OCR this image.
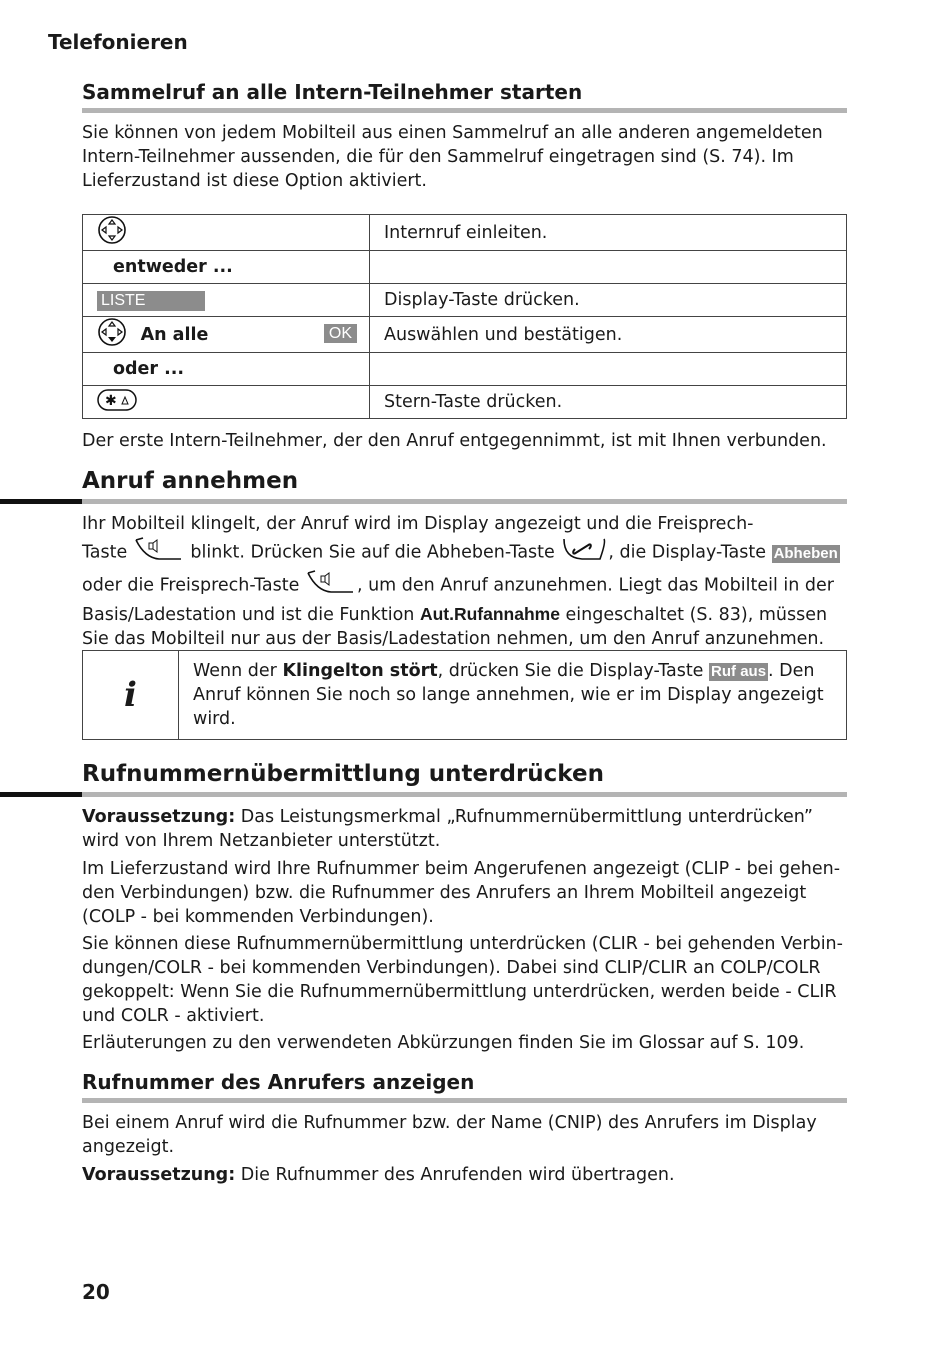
Telefonieren
Sammelruf an alle Intern-Teilnehmer starten
Sie können von jedem Mobilteil aus einen Sammelruf an alle anderen angemeldeten Intern-Teilnehmer aussenden, die für den Sammelruf eingetragen sind (S. 74). Im Lieferzustand ist diese Option aktiviert.
	Internruf einleiten.
entweder ...	
LISTE	Display-Taste drücken.
An alle OK	Auswählen und bestätigen.
oder ...	

✱	Stern-Taste drücken.
Der erste Intern-Teilnehmer, der den Anruf entgegennimmt, ist mit Ihnen verbunden.
Anruf annehmen
Ihr Mobilteil klingelt, der Anruf wird im Display angezeigt und die Freisprech-
Taste	blinkt. Drücken Sie auf die Abheben-Taste	, die Display-Taste Abheben
oder die Freisprech-Taste	, um den Anruf anzunehmen. Liegt das Mobilteil in der
Basis/Ladestation und ist die Funktion Aut.Rufannahme eingeschaltet (S. 83), müssen
Sie das Mobilteil nur aus der Basis/Ladestation nehmen, um den Anruf anzunehmen.
i
Wenn der Klingelton stört, drücken Sie die Display-Taste Ruf aus . Den Anruf können Sie noch so lange annehmen, wie er im Display angezeigt wird.
Rufnummernübermittlung unterdrücken
Voraussetzung: Das Leistungsmerkmal „Rufnummernübermittlung unterdrücken” wird von Ihrem Netzanbieter unterstützt.
Im Lieferzustand wird Ihre Rufnummer beim Angerufenen angezeigt (CLIP - bei gehen-den Verbindungen) bzw. die Rufnummer des Anrufers an Ihrem Mobilteil angezeigt (COLP - bei kommenden Verbindungen).
Sie können diese Rufnummernübermittlung unterdrücken (CLIR - bei gehenden Verbin-dungen/COLR - bei kommenden Verbindungen). Dabei sind CLIP/CLIR an COLP/COLR gekoppelt: Wenn Sie die Rufnummernübermittlung unterdrücken, werden beide - CLIR und COLR - aktiviert.
Erläuterungen zu den verwendeten Abkürzungen finden Sie im Glossar auf S. 109.
Rufnummer des Anrufers anzeigen
Bei einem Anruf wird die Rufnummer bzw. der Name (CNIP) des Anrufers im Display angezeigt.
Voraussetzung: Die Rufnummer des Anrufenden wird übertragen.
20
